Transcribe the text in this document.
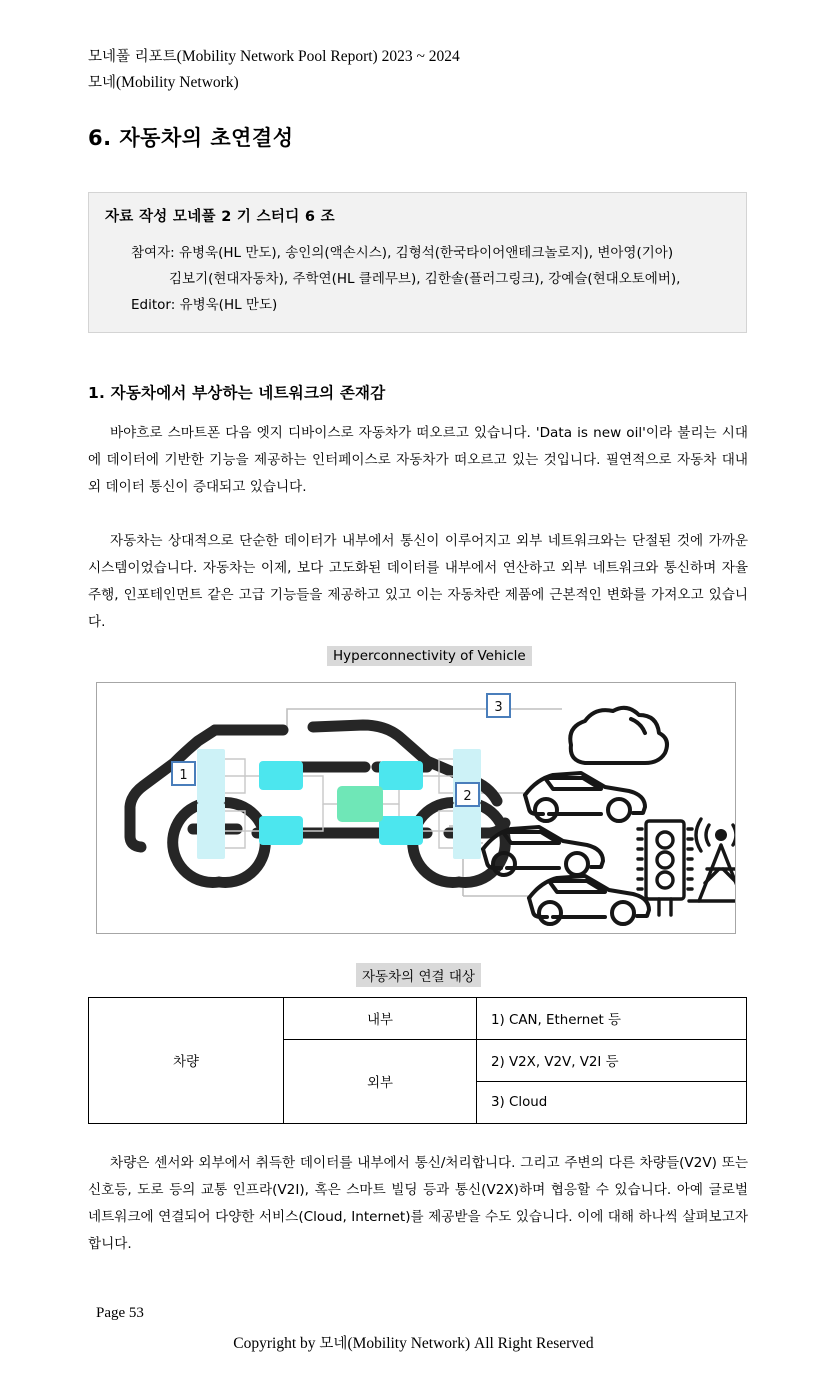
모네풀 리포트(Mobility Network Pool Report) 2023 ~ 2024
모네(Mobility Network)
6. 자동차의 초연결성
자료 작성 모네풀 2 기 스터디 6 조
참여자: 유병욱(HL 만도), 송인의(액손시스), 김형석(한국타이어앤테크놀로지), 변아영(기아)
김보기(현대자동차), 주학연(HL 클레무브), 김한솔(플러그링크), 강예슬(현대오토에버),
Editor: 유병욱(HL 만도)
1. 자동차에서 부상하는 네트워크의 존재감
바야흐로 스마트폰 다음 엣지 디바이스로 자동차가 떠오르고 있습니다. 'Data is new oil'이라 불리는 시대에 데이터에 기반한 기능을 제공하는 인터페이스로 자동차가 떠오르고 있는 것입니다. 필연적으로 자동차 대내외 데이터 통신이 증대되고 있습니다.
자동차는 상대적으로 단순한 데이터가 내부에서 통신이 이루어지고 외부 네트워크와는 단절된 것에 가까운 시스템이었습니다. 자동차는 이제, 보다 고도화된 데이터를 내부에서 연산하고 외부 네트워크와 통신하며 자율주행, 인포테인먼트 같은 고급 기능들을 제공하고 있고 이는 자동차란 제품에 근본적인 변화를 가져오고 있습니다.
Hyperconnectivity of Vehicle
1
2
3
자동차의 연결 대상
차량	내부	1) CAN, Ethernet 등
	외부	2) V2X, V2V, V2I 등
		3) Cloud
차량은 센서와 외부에서 취득한 데이터를 내부에서 통신/처리합니다. 그리고 주변의 다른 차량들(V2V) 또는 신호등, 도로 등의 교통 인프라(V2I), 혹은 스마트 빌딩 등과 통신(V2X)하며 협응할 수 있습니다. 아예 글로벌 네트워크에 연결되어 다양한 서비스(Cloud, Internet)를 제공받을 수도 있습니다. 이에 대해 하나씩 살펴보고자 합니다.
Page 53
Copyright by 모네(Mobility Network) All Right Reserved
